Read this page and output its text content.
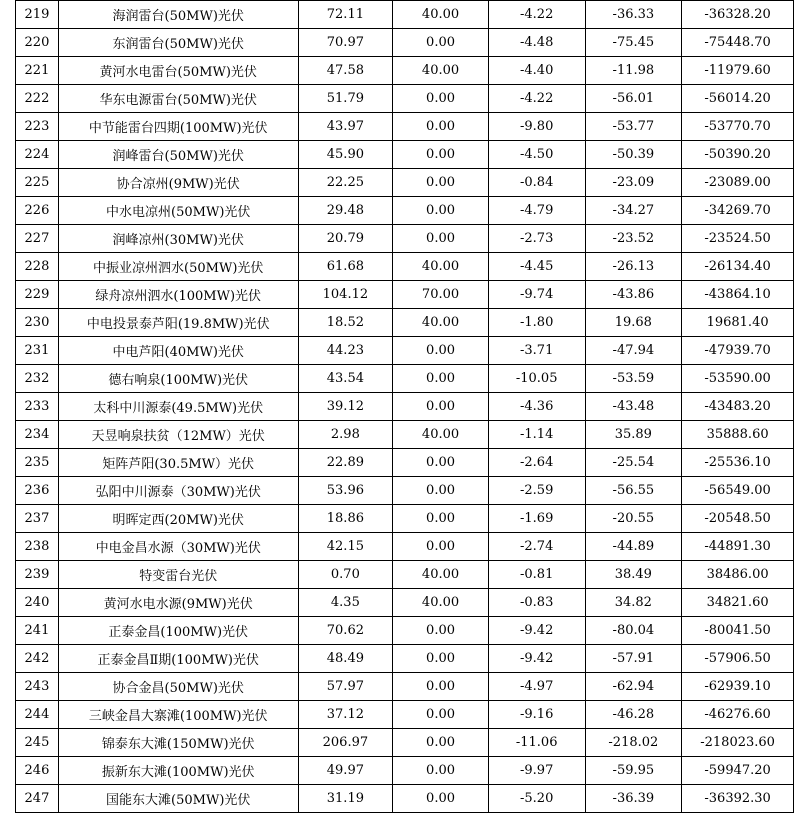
219	海润雷台(50MW)光伏	72.11	40.00	-4.22	-36.33	-36328.20
220	东润雷台(50MW)光伏	70.97	0.00	-4.48	-75.45	-75448.70
221	黄河水电雷台(50MW)光伏	47.58	40.00	-4.40	-11.98	-11979.60
222	华东电源雷台(50MW)光伏	51.79	0.00	-4.22	-56.01	-56014.20
223	中节能雷台四期(100MW)光伏	43.97	0.00	-9.80	-53.77	-53770.70
224	润峰雷台(50MW)光伏	45.90	0.00	-4.50	-50.39	-50390.20
225	协合凉州(9MW)光伏	22.25	0.00	-0.84	-23.09	-23089.00
226	中水电凉州(50MW)光伏	29.48	0.00	-4.79	-34.27	-34269.70
227	润峰凉州(30MW)光伏	20.79	0.00	-2.73	-23.52	-23524.50
228	中振业凉州泗水(50MW)光伏	61.68	40.00	-4.45	-26.13	-26134.40
229	绿舟凉州泗水(100MW)光伏	104.12	70.00	-9.74	-43.86	-43864.10
230	中电投景泰芦阳(19.8MW)光伏	18.52	40.00	-1.80	19.68	19681.40
231	中电芦阳(40MW)光伏	44.23	0.00	-3.71	-47.94	-47939.70
232	德右响泉(100MW)光伏	43.54	0.00	-10.05	-53.59	-53590.00
233	太科中川源泰(49.5MW)光伏	39.12	0.00	-4.36	-43.48	-43483.20
234	天昱响泉扶贫（12MW）光伏	2.98	40.00	-1.14	35.89	35888.60
235	矩阵芦阳(30.5MW）光伏	22.89	0.00	-2.64	-25.54	-25536.10
236	弘阳中川源泰（30MW)光伏	53.96	0.00	-2.59	-56.55	-56549.00
237	明晖定西(20MW)光伏	18.86	0.00	-1.69	-20.55	-20548.50
238	中电金昌水源（30MW)光伏	42.15	0.00	-2.74	-44.89	-44891.30
239	特变雷台光伏	0.70	40.00	-0.81	38.49	38486.00
240	黄河水电水源(9MW)光伏	4.35	40.00	-0.83	34.82	34821.60
241	正泰金昌(100MW)光伏	70.62	0.00	-9.42	-80.04	-80041.50
242	正泰金昌Ⅱ期(100MW)光伏	48.49	0.00	-9.42	-57.91	-57906.50
243	协合金昌(50MW)光伏	57.97	0.00	-4.97	-62.94	-62939.10
244	三峡金昌大寨滩(100MW)光伏	37.12	0.00	-9.16	-46.28	-46276.60
245	锦泰东大滩(150MW)光伏	206.97	0.00	-11.06	-218.02	-218023.60
246	振新东大滩(100MW)光伏	49.97	0.00	-9.97	-59.95	-59947.20
247	国能东大滩(50MW)光伏	31.19	0.00	-5.20	-36.39	-36392.30
